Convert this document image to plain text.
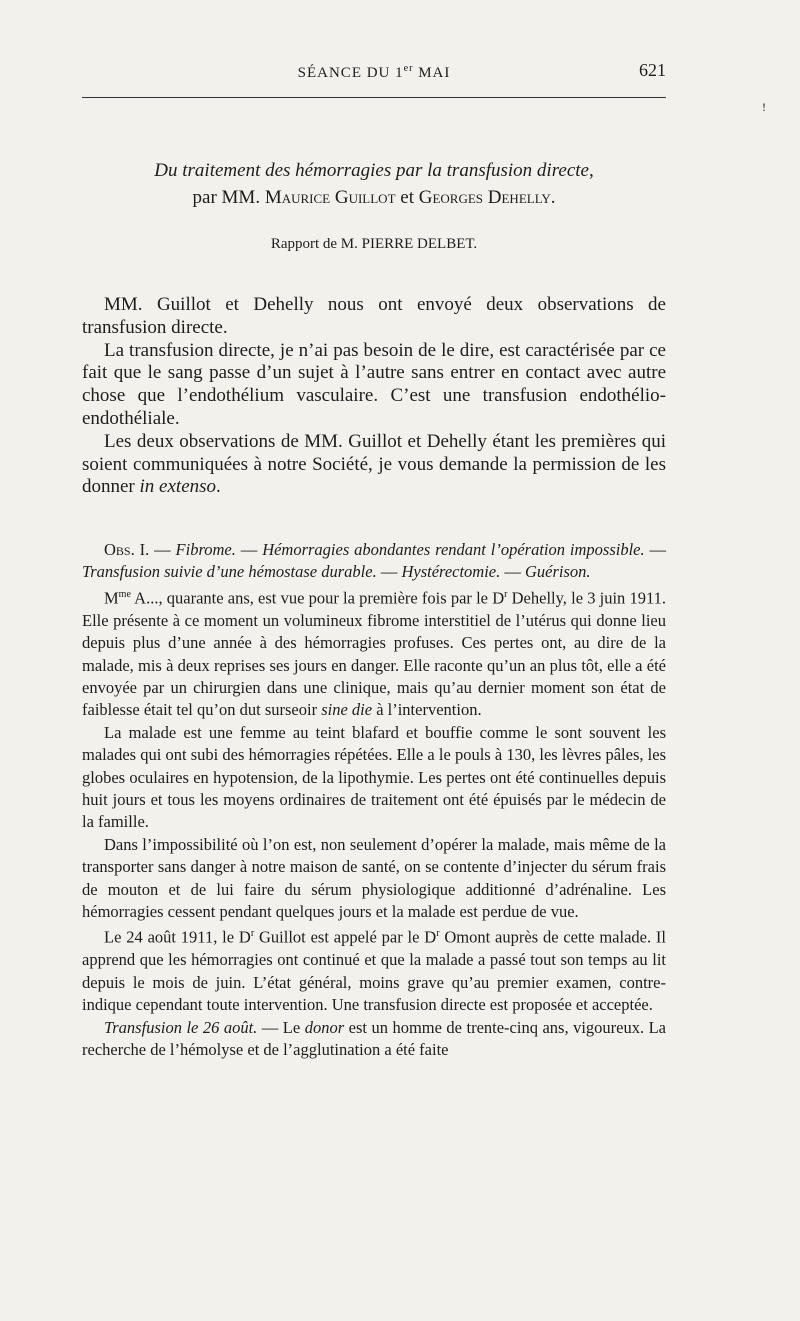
SÉANCE DU 1er MAI	621
ǃ
Du traitement des hémorragies par la transfusion directe,
par MM. Maurice Guillot et Georges Dehelly.
Rapport de M. PIERRE DELBET.

MM. Guillot et Dehelly nous ont envoyé deux observations de transfusion directe.

La transfusion directe, je n’ai pas besoin de le dire, est caractérisée par ce fait que le sang passe d’un sujet à l’autre sans entrer en contact avec autre chose que l’endothélium vasculaire. C’est une transfusion endothélio-endothéliale.

Les deux observations de MM. Guillot et Dehelly étant les premières qui soient communiquées à notre Société, je vous demande la permission de les donner in extenso.

Obs. I. — Fibrome. — Hémorragies abondantes rendant l’opération impossible. — Transfusion suivie d’une hémostase durable. — Hystérectomie. — Guérison.

$M^{me}$ A..., quarante ans, est vue pour la première fois par le $D^r$ Dehelly, le 3 juin 1911. Elle présente à ce moment un volumineux fibrome interstitiel de l’utérus qui donne lieu depuis plus d’une année à des hémorragies profuses. Ces pertes ont, au dire de la malade, mis à deux reprises ses jours en danger. Elle raconte qu’un an plus tôt, elle a été envoyée par un chirurgien dans une clinique, mais qu’au dernier moment son état de faiblesse était tel qu’on dut surseoir sine die à l’intervention.

La malade est une femme au teint blafard et bouffie comme le sont souvent les malades qui ont subi des hémorragies répétées. Elle a le pouls à 130, les lèvres pâles, les globes oculaires en hypotension, de la lipothymie. Les pertes ont été continuelles depuis huit jours et tous les moyens ordinaires de traitement ont été épuisés par le médecin de la famille.

Dans l’impossibilité où l’on est, non seulement d’opérer la malade, mais même de la transporter sans danger à notre maison de santé, on se contente d’injecter du sérum frais de mouton et de lui faire du sérum physiologique additionné d’adrénaline. Les hémorragies cessent pendant quelques jours et la malade est perdue de vue.

Le 24 août 1911, le $D^r$ Guillot est appelé par le $D^r$ Omont auprès de cette malade. Il apprend que les hémorragies ont continué et que la malade a passé tout son temps au lit depuis le mois de juin. L’état général, moins grave qu’au premier examen, contre-indique cependant toute intervention. Une transfusion directe est proposée et acceptée.

Transfusion le 26 août. — Le donor est un homme de trente-cinq ans, vigoureux. La recherche de l’hémolyse et de l’agglutination a été faite
